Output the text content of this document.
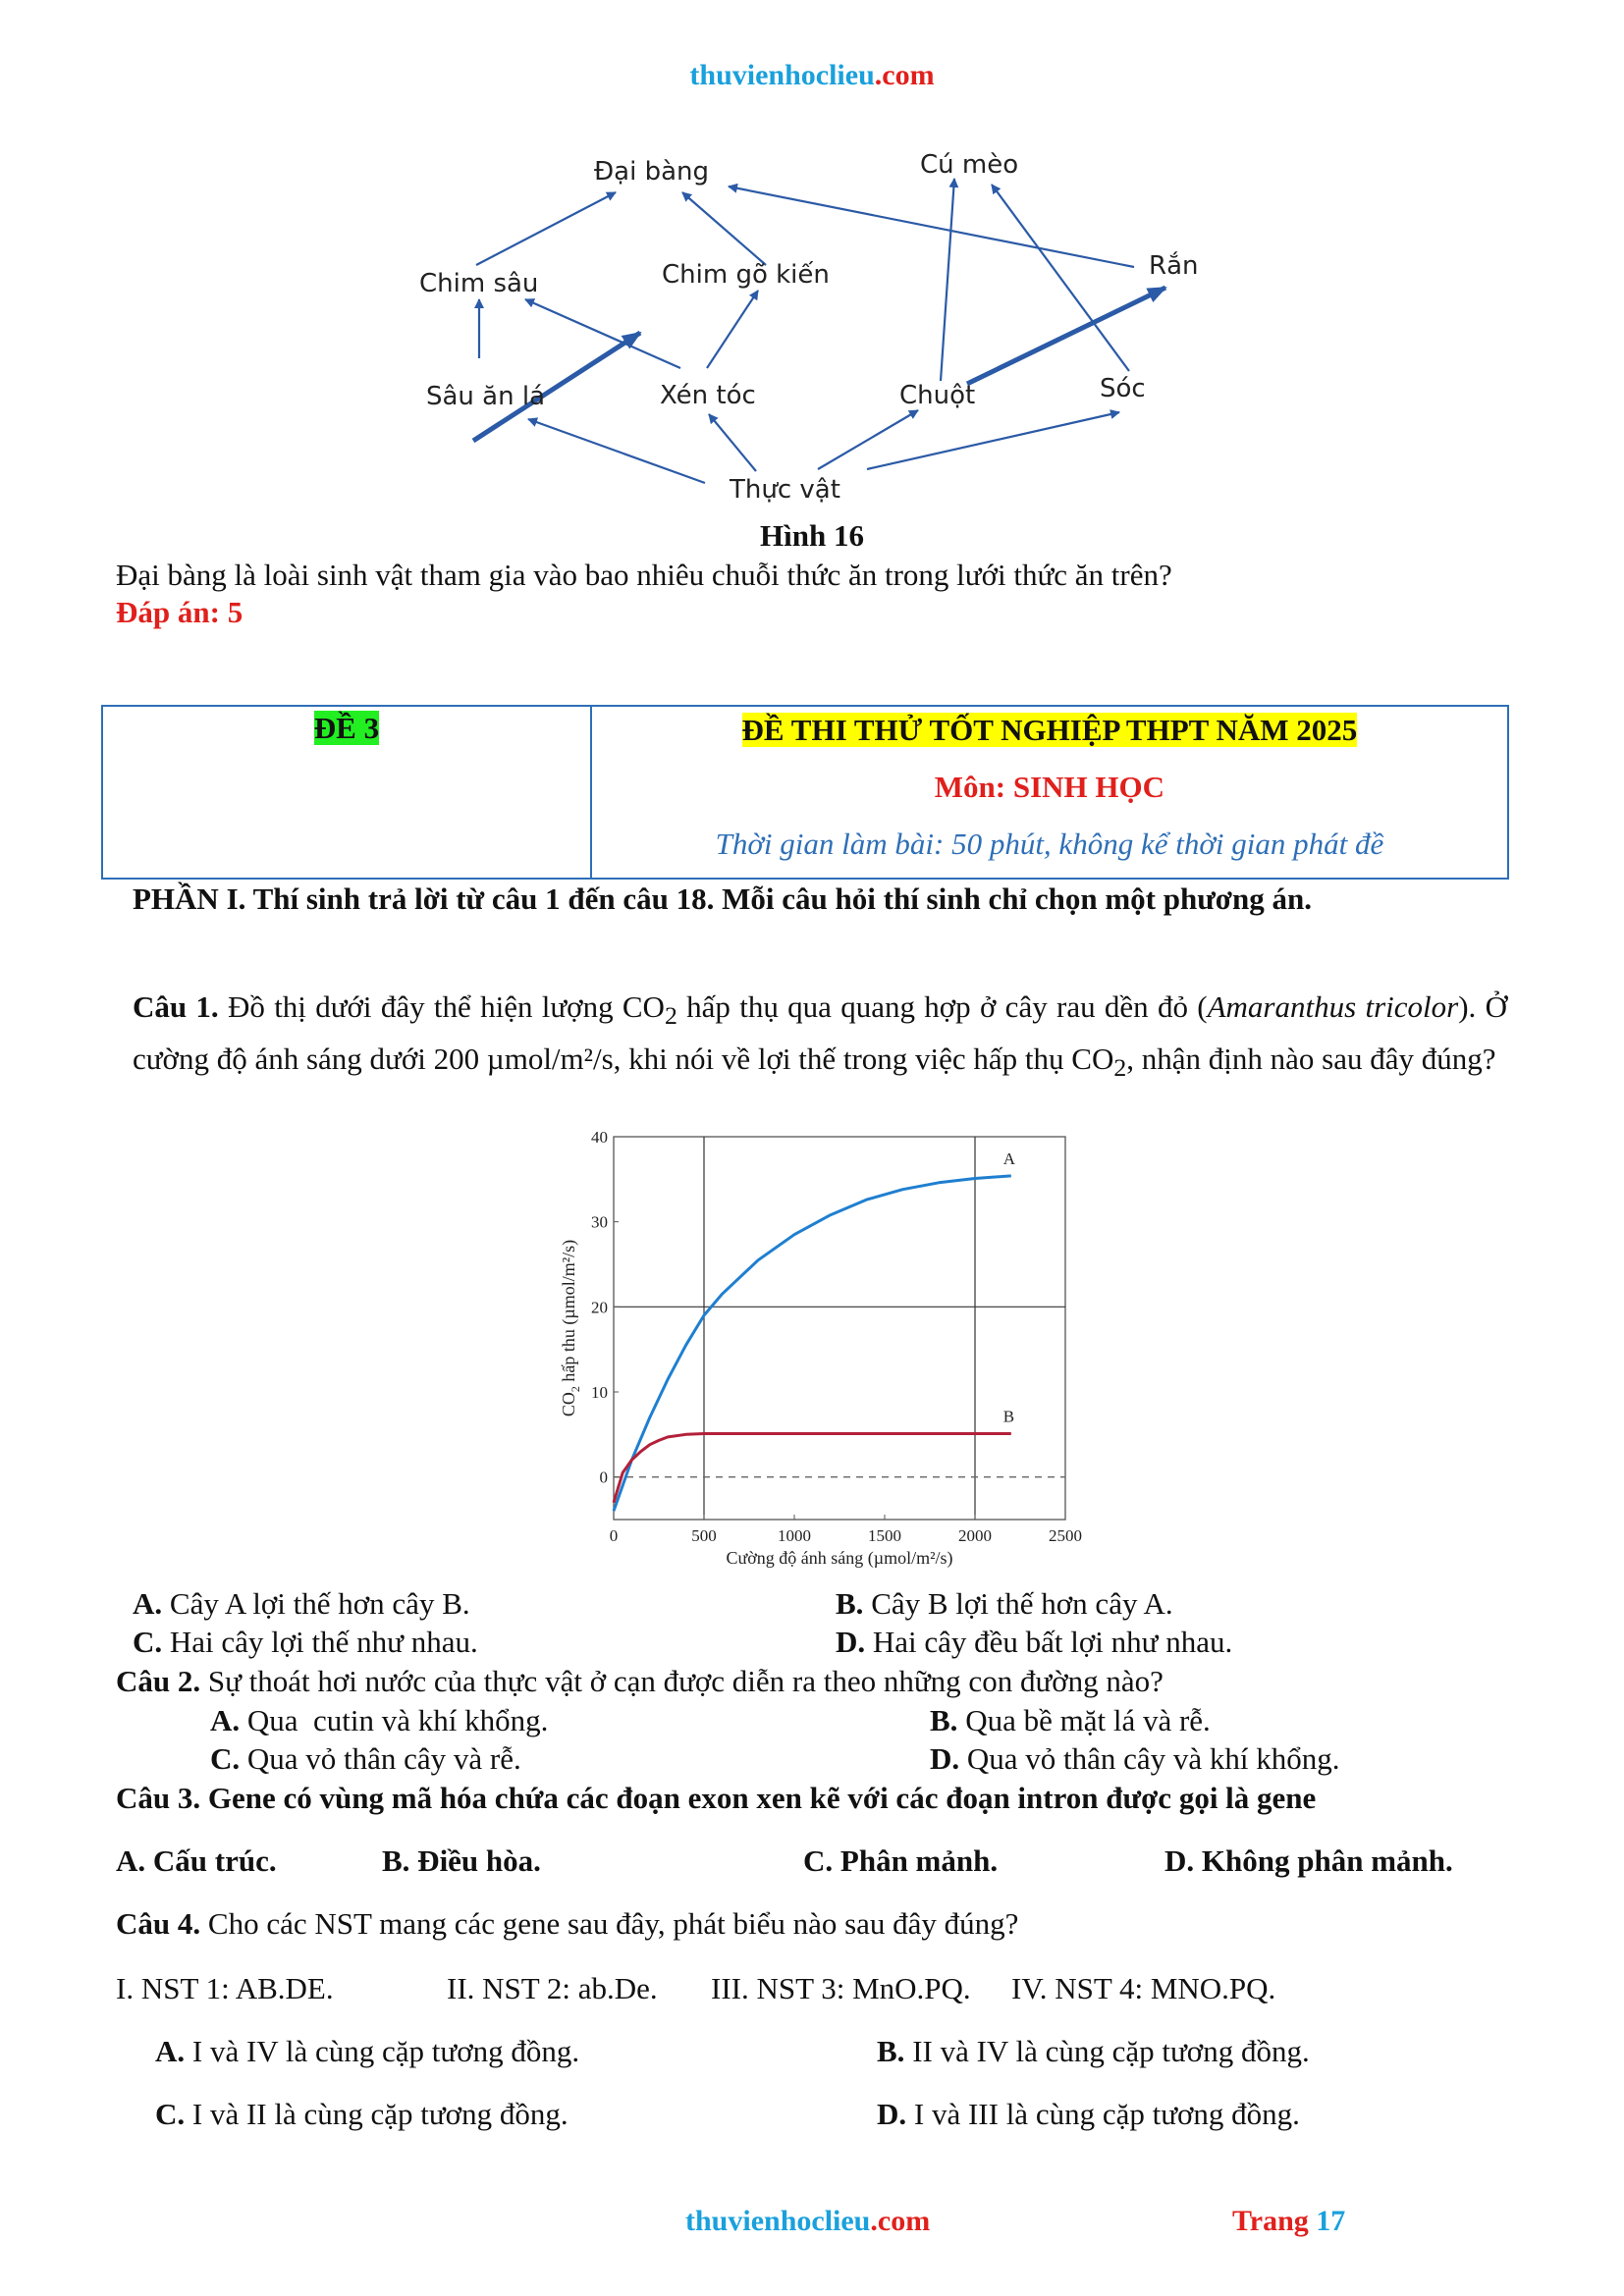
thuvienhoclieu.com
Đại bàng	Cú mèo
Chim sâu	Chim gõ kiến	Rắn
Sâu ăn lá	Xén tóc	Chuột	Sóc
Thực vật
Hình 16
Đại bàng là loài sinh vật tham gia vào bao nhiêu chuỗi thức ăn trong lưới thức ăn trên?
Đáp án: 5
ĐỀ 3	ĐỀ THI THỬ TỐT NGHIỆP THPT NĂM 2025
Môn: SINH HỌC
Thời gian làm bài: 50 phút, không kể thời gian phát đề
PHẦN I. Thí sinh trả lời từ câu 1 đến câu 18. Mỗi câu hỏi thí sinh chỉ chọn một phương án.
Câu 1. Đồ thị dưới đây thể hiện lượng $CO_2$ hấp thụ qua quang hợp ở cây rau dền đỏ (Amaranthus tricolor). Ở cường độ ánh sáng dưới 200 µmol/m²/s, khi nói về lợi thế trong việc hấp thụ $CO_2$, nhận định nào sau đây đúng?
0	500	1000	1500	2000	2500
0
10
20
30
40
Cường độ ánh sáng (µmol/m²/s)
$CO_2$ hấp thu (µmol/m²/s)
A
B
A. Cây A lợi thế hơn cây B.	B. Cây B lợi thế hơn cây A.
C. Hai cây lợi thế như nhau.	D. Hai cây đều bất lợi như nhau.
Câu 2. Sự thoát hơi nước của thực vật ở cạn được diễn ra theo những con đường nào?
A. Qua  cutin và khí khổng.	B. Qua bề mặt lá và rễ.
C. Qua vỏ thân cây và rễ.	D. Qua vỏ thân cây và khí khổng.
Câu 3. Gene có vùng mã hóa chứa các đoạn exon xen kẽ với các đoạn intron được gọi là gene
A. Cấu trúc.	B. Điều hòa.	C. Phân mảnh.	D. Không phân mảnh.
Câu 4. Cho các NST mang các gene sau đây, phát biểu nào sau đây đúng?
I. NST 1: AB.DE.	II. NST 2: ab.De. III. NST 3: MnO.PQ. IV. NST 4: MNO.PQ.
A. I và IV là cùng cặp tương đồng.	B. II và IV là cùng cặp tương đồng.
C. I và II là cùng cặp tương đồng.	D. I và III là cùng cặp tương đồng.
thuvienhoclieu.com	Trang 17
